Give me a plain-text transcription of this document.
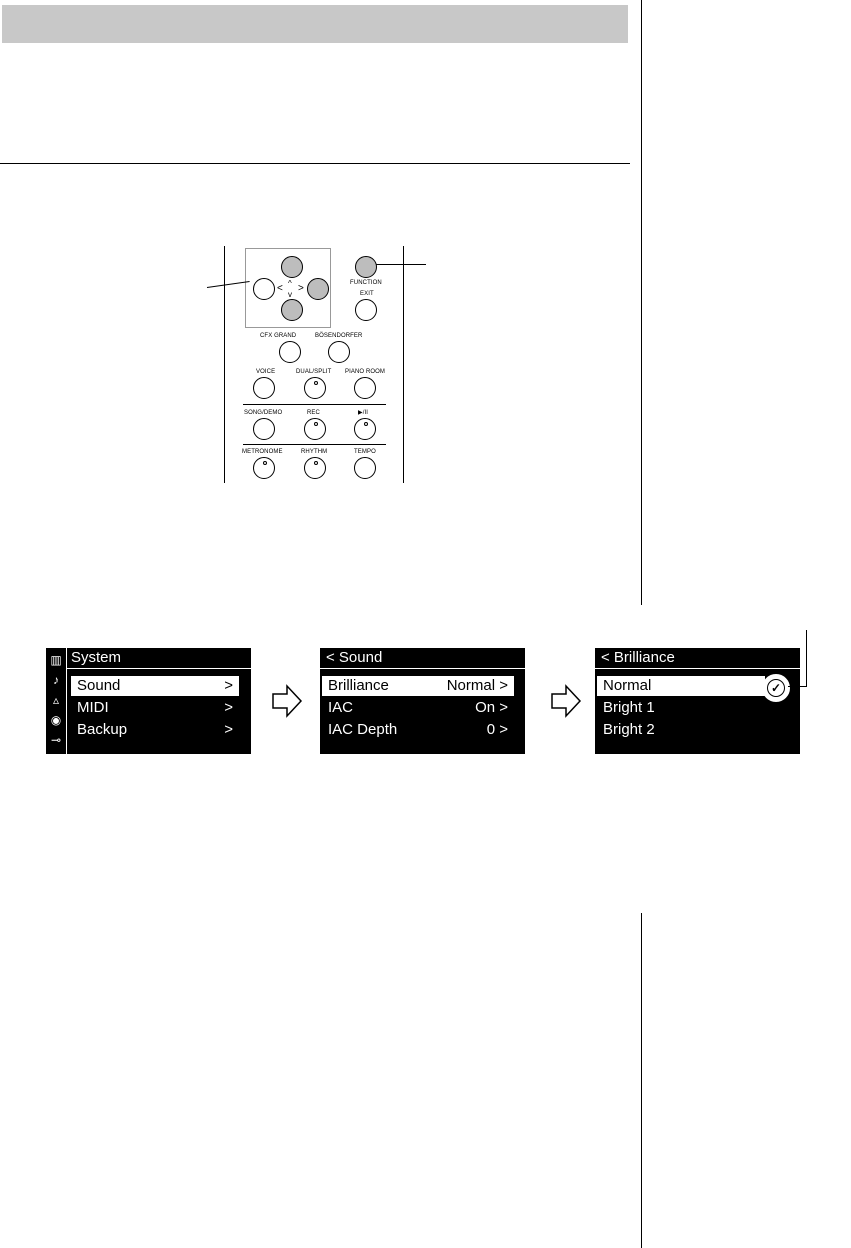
< >
^
v
FUNCTION
EXIT
CFX GRAND	BÖSENDORFER
VOICE	DUAL/SPLIT PIANO ROOM
SONG/DEMO	REC	▶/II
METRONOME	RHYTHM	TEMPO
▥
♪
▵
◉
⊸
System
Sound	>
MIDI	>
Backup	>
< Sound
Brilliance	Normal >
IAC	On >
IAC Depth	0 >
< Brilliance
Normal
Bright 1
Bright 2
✓
